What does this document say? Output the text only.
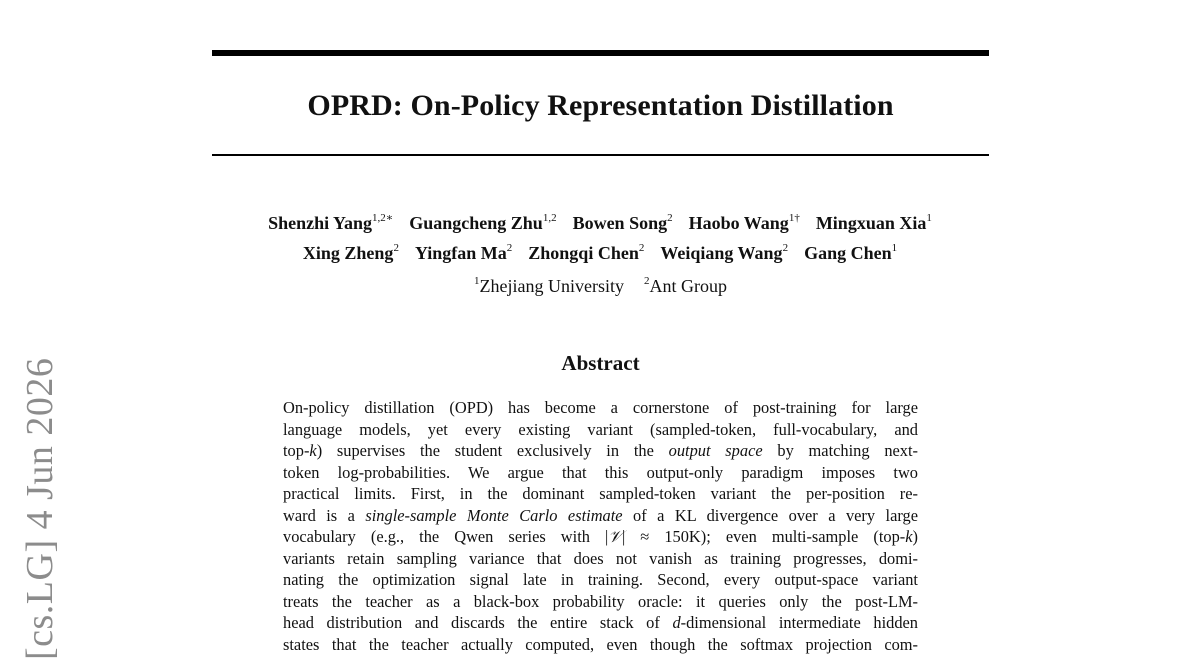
OPRD: On-Policy Representation Distillation
Shenzhi Yang$^{1,2∗}$ Guangcheng Zhu$^{1,2}$ Bowen Song$^2$ Haobo Wang$^{1\dagger}$ Mingxuan Xia$^1$
Xing Zheng$^2$ Yingfan Ma$^2$ Zhongqi Chen$^2$ Weiqiang Wang$^2$ Gang Chen$^1$
$^1$Zhejiang University $^2$Ant Group
Abstract
On-policy distillation (OPD) has become a cornerstone of post-training for large
language models, yet every existing variant (sampled-token, full-vocabulary, and
top-k) supervises the student exclusively in the output space by matching next-
token log-probabilities. We argue that this output-only paradigm imposes two
practical limits. First, in the dominant sampled-token variant the per-position re-
ward is a single-sample Monte Carlo estimate of a KL divergence over a very large
vocabulary (e.g., the Qwen series with |𝒱| ≈ 150K); even multi-sample (top-k)
variants retain sampling variance that does not vanish as training progresses, domi-
nating the optimization signal late in training. Second, every output-space variant
treats the teacher as a black-box probability oracle: it queries only the post-LM-
head distribution and discards the entire stack of d-dimensional intermediate hidden
states that the teacher actually computed, even though the softmax projection com-
[cs.LG] 4 Jun 2026
